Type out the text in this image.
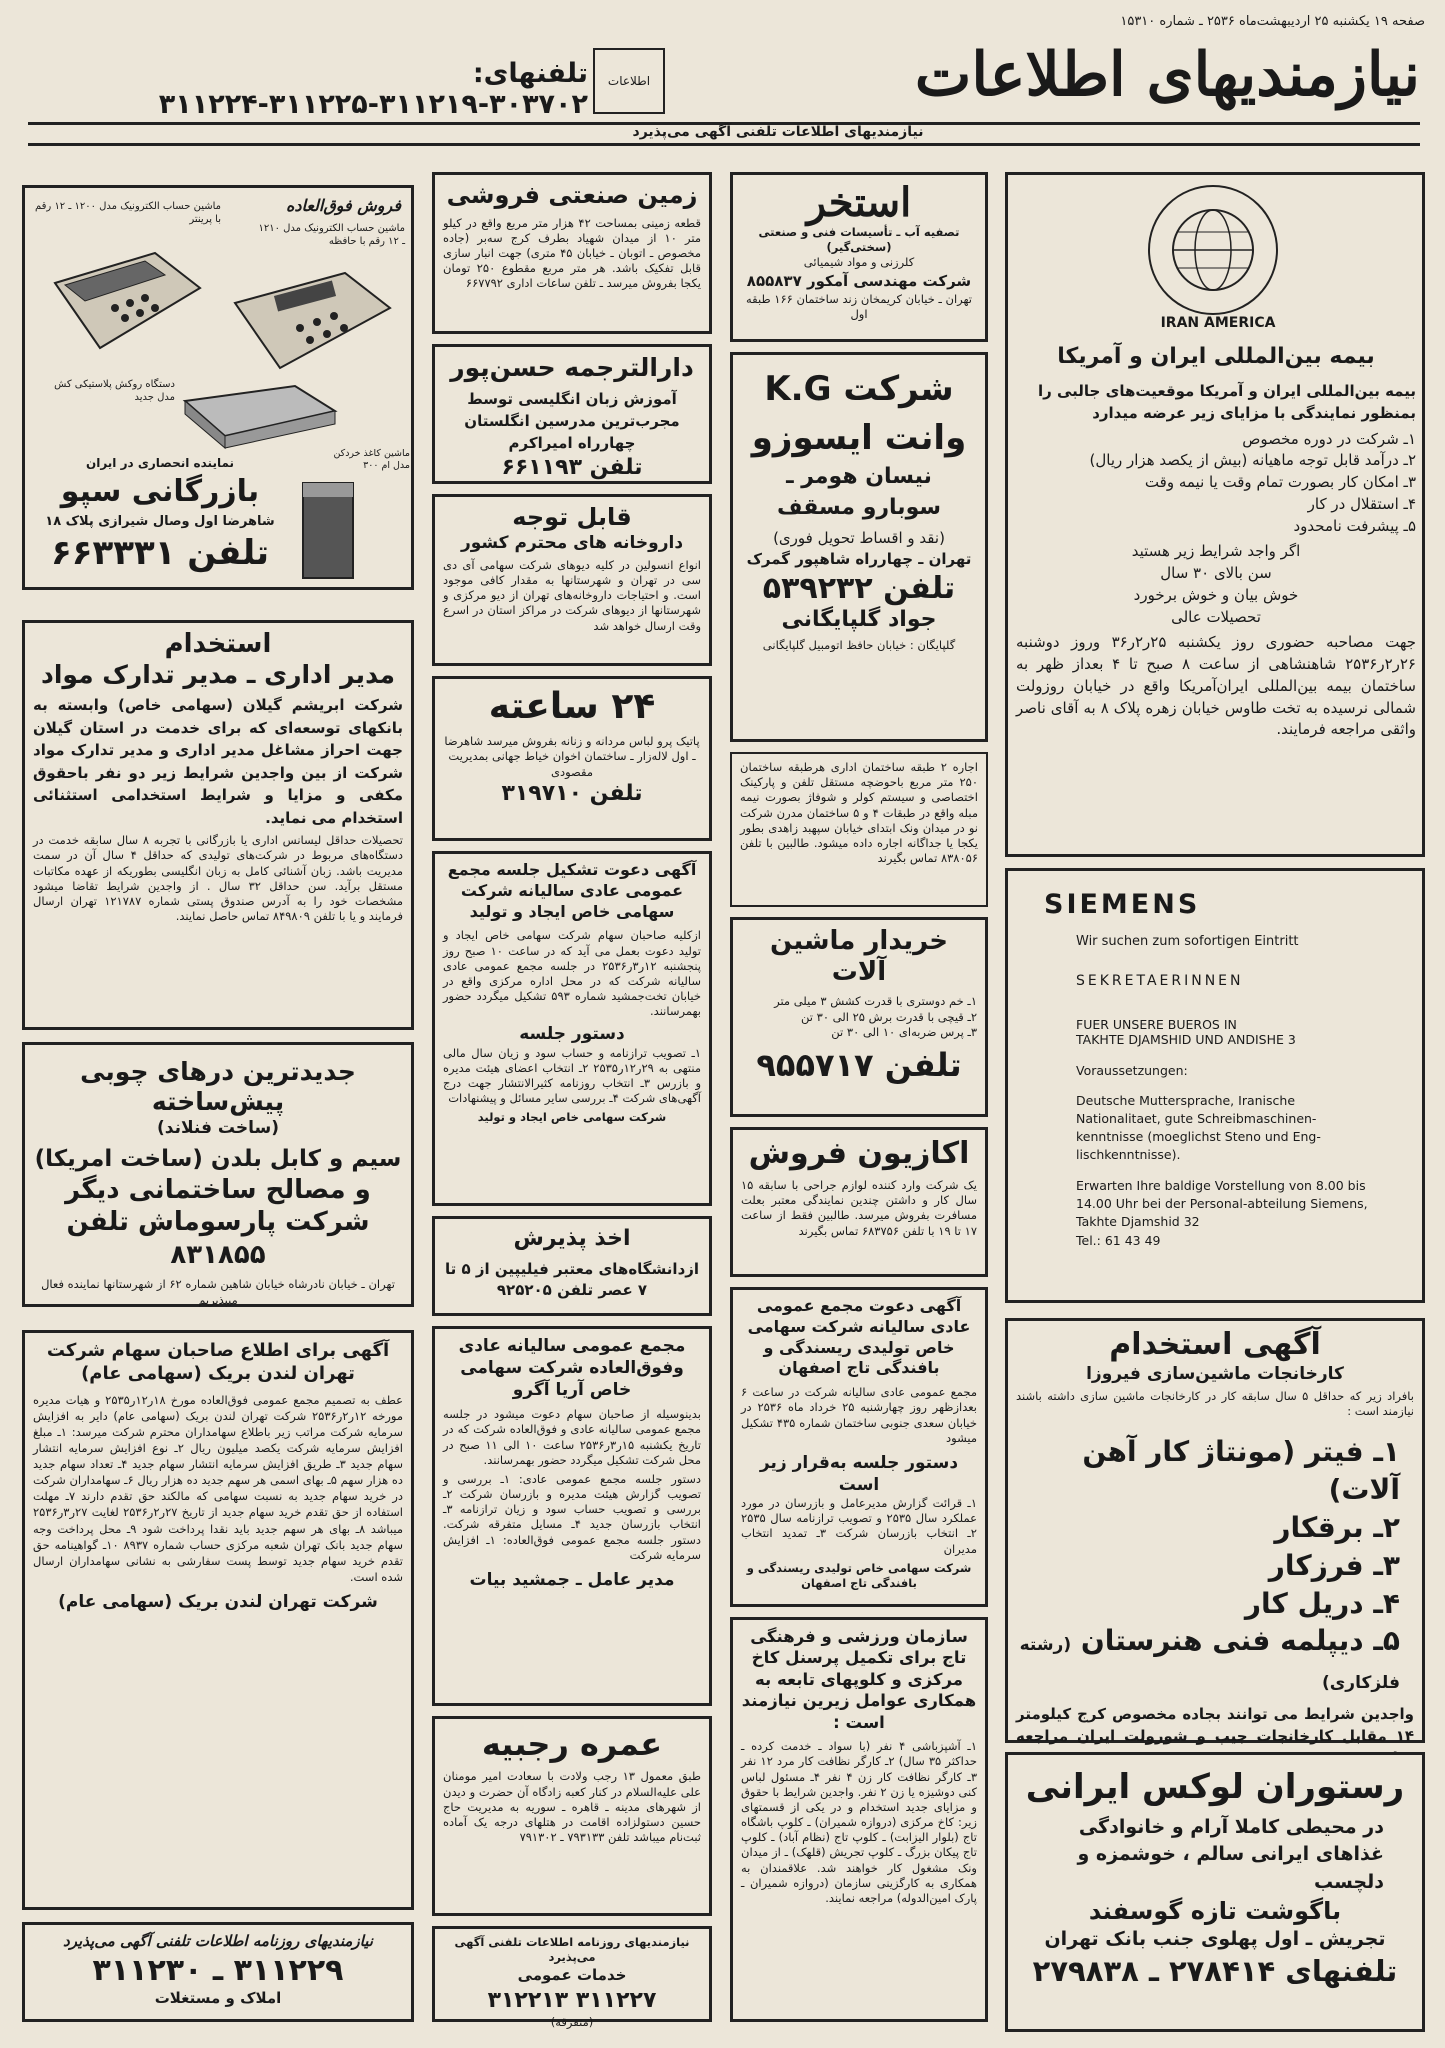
صفحه ۱۹ یکشنبه ۲۵ اردیبهشت‌ماه ۲۵۳۶ ـ شماره ۱۵۳۱۰
نیازمندیهای اطلاعات
اطلاعات
تلفنهای: ۳۰۳۷۰۲-۳۱۱۲۱۹-۳۱۱۲۲۵-۳۱۱۲۲۴
نیازمندیهای اطلاعات تلفنی آگهی می‌پذیرد
IRAN AMERICA
بیمه بین‌المللی ایران و آمریکا
بیمه بین‌المللی ایران و آمریکا موقعیت‌های جالبی را بمنظور نمایندگی با مزایای زیر عرضه میدارد
۱ـ شرکت در دوره مخصوص
۲ـ درآمد قابل توجه ماهیانه (بیش از یکصد هزار ریال)
۳ـ امکان کار بصورت تمام وقت یا نیمه وقت
۴ـ استقلال در کار
۵ـ پیشرفت نامحدود
اگر واجد شرایط زیر هستید
سن بالای ۳۰ سال
خوش بیان و خوش برخورد
تحصیلات عالی
جهت مصاحبه حضوری روز یکشنبه ۲۵ر۲ر۳۶ وروز دوشنبه ۲۶ر۲ر۲۵۳۶ شاهنشاهی از ساعت ۸ صبح تا ۴ بعداز ظهر به ساختمان بیمه بین‌المللی ایران‌آمریکا واقع در خیابان روزولت شمالی نرسیده به تخت طاوس خیابان زهره پلاک ۸ به آقای ناصر واثقی مراجعه فرمایند.
SIEMENS
Wir suchen zum sofortigen Eintritt
SEKRETAERINNEN
FUER UNSERE BUEROS IN
TAKHTE DJAMSHID UND ANDISHE 3
Voraussetzungen:
Deutsche Muttersprache, Iranische Nationalitaet, gute Schreibmaschinen-kenntnisse (moeglichst Steno und Eng-lischkenntnisse).
Erwarten Ihre baldige Vorstellung von 8.00 bis 14.00 Uhr bei der Personal-abteilung Siemens, Takhte Djamshid 32
Tel.: 61 43 49
آگهی استخدام
کارخانجات ماشین‌سازی فیروزا
بافراد زیر که حداقل ۵ سال سابقه کار در کارخانجات ماشین سازی داشته باشند نیازمند است :
۱ـ فیتر (مونتاژ کار آهن آلات)
۲ـ برقکار
۳ـ فرزکار
۴ـ دریل کار
۵ـ دیپلمه فنی هنرستان (رشته فلزکاری)
واجدین شرایط می توانند بجاده مخصوص کرج کیلومتر ۱۴ مقابل کارخانجات جیپ و شورولت ایران مراجعه
رستوران لوکس ایرانی
در محیطی کاملا آرام و خانوادگی
غذاهای ایرانی سالم ، خوشمزه و دلچسب
باگوشت تازه گوسفند
تجریش ـ اول پهلوی جنب بانک تهران
تلفنهای ۲۷۸۴۱۴ ـ ۲۷۹۸۳۸
استخر
تصفیه آب ـ تأسیسات فنی و صنعتی (سختی‌گیر)
کلرزنی و مواد شیمیائی
شرکت مهندسی آمکور ۸۵۵۸۳۷
تهران ـ خیابان کریمخان زند ساختمان ۱۶۶ طبقه اول
شرکت K.G
وانت ایسوزو
نیسان هومر ـ
سوبارو مسقف
(نقد و اقساط تحویل فوری)
تهران ـ چهارراه شاهپور گمرک
تلفن ۵۳۹۲۳۲
جواد گلپایگانی
گلپایگان : خیابان حافظ اتومبیل گلپایگانی
اجاره ۲ طبقه ساختمان اداری هرطبقه ساختمان ۲۵۰ متر مربع باحوضچه مستقل تلفن و پارکینک اختصاصی و سیستم کولر و شوفاژ بصورت نیمه مبله واقع در طبقات ۴ و ۵ ساختمان مدرن شرکت نو در میدان ونک ابتدای خیابان سپهبد زاهدی بطور یکجا یا جداگانه اجاره داده میشود. طالبین با تلفن ۸۳۸۰۵۶ تماس بگیرند
خریدار ماشین آلات
۱ـ خم دوستری با قدرت کشش ۳ میلی متر
۲ـ قیچی با قدرت برش ۲۵ الی ۳۰ تن
۳ـ پرس ضربه‌ای ۱۰ الی ۳۰ تن
تلفن ۹۵۵۷۱۷
اکازیون فروش
یک شرکت وارد کننده لوازم جراحی با سابقه ۱۵ سال کار و داشتن چندین نمایندگی معتبر بعلت مسافرت بفروش میرسد. طالبین فقط از ساعت ۱۷ تا ۱۹ با تلفن ۶۸۳۷۵۶ تماس بگیرند
آگهی دعوت مجمع عمومی عادی سالیانه شرکت سهامی خاص تولیدی ریسندگی و بافندگی تاج اصفهان
مجمع عمومی عادی سالیانه شرکت در ساعت ۶ بعدازظهر روز چهارشنبه ۲۵ خرداد ماه ۲۵۳۶ در خیابان سعدی جنوبی ساختمان شماره ۴۳۵ تشکیل میشود
دستور جلسه به‌قرار زیر است
۱ـ قرائت گزارش مدیرعامل و بازرسان در مورد عملکرد سال ۲۵۳۵ و تصویب ترازنامه سال ۲۵۳۵ ۲ـ انتخاب بازرسان شرکت ۳ـ تمدید انتخاب مدیران
شرکت سهامی خاص تولیدی ریسندگی و بافندگی تاج اصفهان
سازمان ورزشی و فرهنگی تاج برای تکمیل پرسنل کاخ مرکزی و کلوپهای تابعه به همکاری عوامل زیرین نیازمند است :
۱ـ آشپزباشی ۴ نفر (با سواد ـ خدمت کرده ـ حداکثر ۳۵ سال) ۲ـ کارگر نظافت کار مرد ۱۲ نفر ۳ـ کارگر نظافت کار زن ۴ نفر ۴ـ مسئول لباس کنی دوشیزه یا زن ۲ نفر. واجدین شرایط با حقوق و مزایای جدید استخدام و در یکی از قسمتهای زیر: کاخ مرکزی (دروازه شمیران) ـ کلوپ باشگاه تاج (بلوار الیزابت) ـ کلوپ تاج (نظام آباد) ـ کلوپ تاج پیکان بزرگ ـ کلوپ تجریش (قلهک) ـ از میدان ونک مشغول کار خواهند شد. علاقمندان به همکاری به کارگزینی سازمان (دروازه شمیران ـ پارک امین‌الدوله) مراجعه نمایند.
زمین صنعتی فروشی
قطعه زمینی بمساحت ۴۲ هزار متر مربع واقع در کیلو متر ۱۰ از میدان شهیاد بطرف کرج سه‌بر (جاده مخصوص ـ اتوبان ـ خیابان ۴۵ متری) جهت انبار سازی قابل تفکیک باشد. هر متر مربع مقطوع ۲۵۰ تومان یکجا بفروش میرسد ـ تلفن ساعات اداری ۶۶۷۷۹۲
دارالترجمه حسن‌پور
آموزش زبان انگلیسی توسط مجرب‌ترین مدرسین انگلستان چهارراه امیراکرم
تلفن ۶۶۱۱۹۳
قابل توجه
داروخانه های محترم کشور
انواع انسولین در کلیه دیوهای شرکت سهامی آی دی سی در تهران و شهرستانها به مقدار کافی موجود است. و احتیاجات داروخانه‌های تهران از دیو مرکزی و شهرستانها از دیوهای شرکت در مراکز استان در اسرع وقت ارسال خواهد شد
۲۴ ساعته
پاتیک پرو لباس مردانه و زنانه بفروش میرسد شاهرضا ـ اول لاله‌زار ـ ساختمان اخوان خیاط جهانی بمدیریت مقصودی
تلفن ۳۱۹۷۱۰
آگهی دعوت تشکیل جلسه مجمع عمومی عادی سالیانه شرکت سهامی خاص ایجاد و تولید
ازکلیه صاحبان سهام شرکت سهامی خاص ایجاد و تولید دعوت بعمل می آید که در ساعت ۱۰ صبح روز پنجشنبه ۱۲ر۳ر۲۵۳۶ در جلسه مجمع عمومی عادی سالیانه شرکت که در محل اداره مرکزی واقع در خیابان تخت‌جمشید شماره ۵۹۳ تشکیل میگردد حضور بهمرسانند.
دستور جلسه
۱ـ تصویب ترازنامه و حساب سود و زیان سال مالی منتهی به ۲۹ر۱۲ر۲۵۳۵ ۲ـ انتخاب اعضای هیئت مدیره و بازرس ۳ـ انتخاب روزنامه کثیرالانتشار جهت درج آگهی‌های شرکت ۴ـ بررسی سایر مسائل و پیشنهادات
شرکت سهامی خاص ایجاد و تولید
اخذ پذیرش
ازدانشگاه‌های معتبر فیلیپین از ۵ تا ۷ عصر تلفن ۹۲۵۲۰۵
مجمع عمومی سالیانه عادی وفوق‌العاده شرکت سهامی خاص آریا آگرو
بدینوسیله از صاحبان سهام دعوت میشود در جلسه مجمع عمومی سالیانه عادی و فوق‌العاده شرکت که در تاریخ یکشنبه ۱۵ر۳ر۲۵۳۶ ساعت ۱۰ الی ۱۱ صبح در محل شرکت تشکیل میگردد حضور بهمرسانند.
دستور جلسه مجمع عمومی عادی: ۱ـ بررسی و تصویب گزارش هیئت مدیره و بازرسان شرکت ۲ـ بررسی و تصویب حساب سود و زیان ترازنامه ۳ـ انتخاب بازرسان جدید ۴ـ مسایل متفرقه شرکت. دستور جلسه مجمع عمومی فوق‌العاده: ۱ـ افزایش سرمایه شرکت
مدیر عامل ـ جمشید بیات
عمره رجبیه
طبق معمول ۱۳ رجب ولادت با سعادت امیر مومنان علی علیه‌السلام در کنار کعبه زادگاه آن حضرت و دیدن از شهرهای مدینه ـ قاهره ـ سوریه به مدیریت حاج حسین دستولزاده اقامت در هتلهای درجه یک آماده ثبت‌نام میباشد تلفن ۷۹۳۱۳۳ ـ ۷۹۱۳۰۲
نیازمندیهای روزنامه اطلاعات تلفنی آگهی می‌پذیرد
خدمات عمومی
۳۱۱۲۲۷ ۳۱۲۲۱۳
(متفرقه)
فروش فوق‌العاده
ماشین حساب الکترونیک مدل ۱۲۱۰ ـ ۱۲ رقم با حافظه
ماشین حساب الکترونیک مدل ۱۲۰۰ ـ ۱۲ رقم با پرینتر
دستگاه روکش پلاستیکی کش مدل جدید
ماشین کاغذ خردکن مدل ام ۳۰۰
نماینده انحصاری در ایران
بازرگانی سپو
شاهرضا اول وصال شیرازی پلاک ۱۸
تلفن ۶۶۳۳۳۱
استخدام
مدیر اداری ـ مدیر تدارک مواد
شرکت ابریشم گیلان (سهامی خاص) وابسته به بانکهای توسعه‌ای که برای خدمت در استان گیلان جهت احراز مشاغل مدیر اداری و مدیر تدارک مواد شرکت از بین واجدین شرایط زیر دو نفر باحقوق مکفی و مزایا و شرایط استخدامی استثنائی استخدام می نماید.
تحصیلات حداقل لیسانس اداری یا بازرگانی با تجربه ۸ سال سابقه خدمت در دستگاه‌های مربوط در شرکت‌های تولیدی که حداقل ۴ سال آن در سمت مدیریت باشد. زبان آشنائی کامل به زبان انگلیسی بطوریکه از عهده مکاتبات مستقل برآید. سن حداقل ۳۲ سال . از واجدین شرایط تقاضا میشود مشخصات خود را به آدرس صندوق پستی شماره ۱۲۱۷۸۷ تهران ارسال فرمایند و یا با تلفن ۸۴۹۸۰۹ تماس حاصل نمایند.
جدیدترین درهای چوبی پیش‌ساخته
(ساخت فنلاند)
سیم و کابل بلدن (ساخت امریکا)
و مصالح ساختمانی دیگر
شرکت پارسوماش تلفن ۸۳۱۸۵۵
تهران ـ خیابان نادرشاه خیابان شاهین شماره ۶۲ از شهرستانها نماینده فعال میپذیریم
آگهی برای اطلاع صاحبان سهام شرکت تهران لندن بریک (سهامی عام)
عطف به تصمیم مجمع عمومی فوق‌العاده مورخ ۱۸ر۱۲ر۲۵۳۵ و هیات مدیره مورخه ۱۲ر۲ر۲۵۳۶ شرکت تهران لندن بریک (سهامی عام) دایر به افزایش سرمایه شرکت مراتب زیر باطلاع سهامداران محترم شرکت میرسد: ۱ـ مبلغ افزایش سرمایه شرکت یکصد میلیون ریال ۲ـ نوع افزایش سرمایه انتشار سهام جدید ۳ـ طریق افزایش سرمایه انتشار سهام جدید ۴ـ تعداد سهام جدید ده هزار سهم ۵ـ بهای اسمی هر سهم جدید ده هزار ریال ۶ـ سهامداران شرکت در خرید سهام جدید به نسبت سهامی که مالکند حق تقدم دارند ۷ـ مهلت استفاده از حق تقدم خرید سهام جدید از تاریخ ۲۷ر۲ر۲۵۳۶ لغایت ۲۷ر۳ر۲۵۳۶ میباشد ۸ـ بهای هر سهم جدید باید نقدا پرداخت شود ۹ـ محل پرداخت وجه سهام جدید بانک تهران شعبه مرکزی حساب شماره ۸۹۳۷ ۱۰ـ گواهینامه حق تقدم خرید سهام جدید توسط پست سفارشی به نشانی سهامداران ارسال شده است.
شرکت تهران لندن بریک (سهامی عام)
نیازمندیهای روزنامه اطلاعات تلفنی آگهی می‌پذیرد
۳۱۱۲۲۹ ـ ۳۱۱۲۳۰
املاک و مستغلات
